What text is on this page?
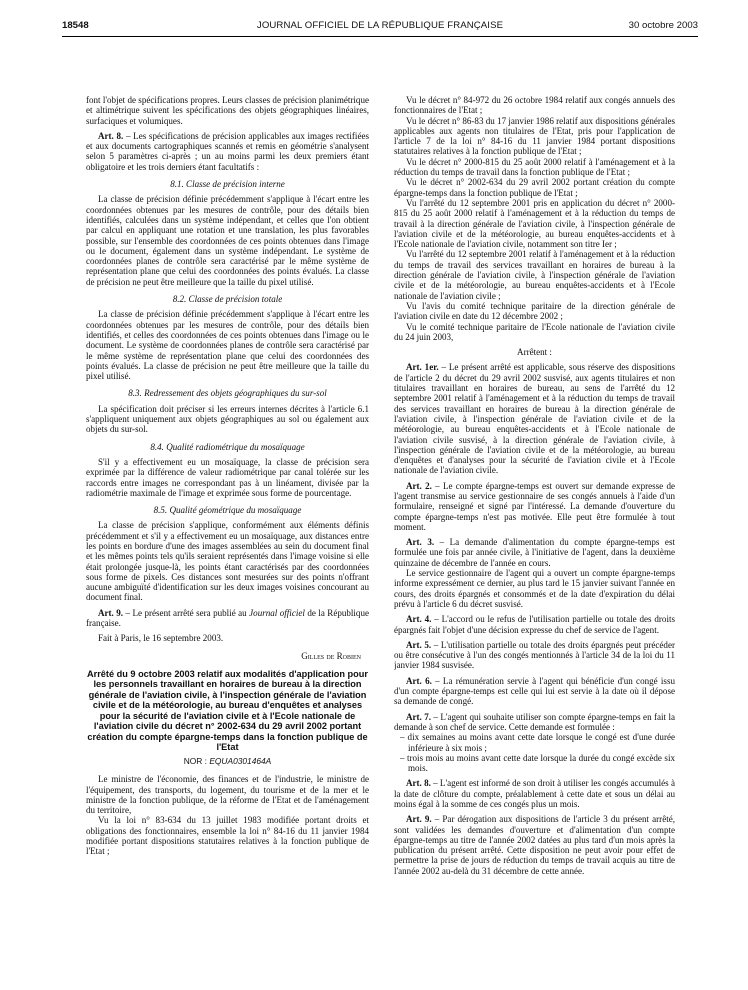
18548	JOURNAL OFFICIEL DE LA RÉPUBLIQUE FRANÇAISE	30 octobre 2003

font l'objet de spécifications propres. Leurs classes de précision planimétrique et altimétrique suivent les spécifications des objets géographiques linéaires, surfaciques et volumiques.

Art. 8. – Les spécifications de précision applicables aux images rectifiées et aux documents cartographiques scannés et remis en géométrie s'analysent selon 5 paramètres ci-après ; un au moins parmi les deux premiers étant obligatoire et les trois derniers étant facultatifs :

8.1. Classe de précision interne

La classe de précision définie précédemment s'applique à l'écart entre les coordonnées obtenues par les mesures de contrôle, pour des détails bien identifiés, calculées dans un système indépendant, et celles que l'on obtient par calcul en appliquant une rotation et une translation, les plus favorables possible, sur l'ensemble des coordonnées de ces points obtenues dans l'image ou le document, également dans un système indépendant. Le système de coordonnées planes de contrôle sera caractérisé par le même système de représentation plane que celui des coordonnées des points évalués. La classe de précision ne peut être meilleure que la taille du pixel utilisé.

8.2. Classe de précision totale

La classe de précision définie précédemment s'applique à l'écart entre les coordonnées obtenues par les mesures de contrôle, pour des détails bien identifiés, et celles des coordonnées de ces points obtenues dans l'image ou le document. Le système de coordonnées planes de contrôle sera caractérisé par le même système de représentation plane que celui des coordonnées des points évalués. La classe de précision ne peut être meilleure que la taille du pixel utilisé.

8.3. Redressement des objets géographiques du sur-sol

La spécification doit préciser si les erreurs internes décrites à l'article 6.1 s'appliquent uniquement aux objets géographiques au sol ou également aux objets du sur-sol.

8.4. Qualité radiométrique du mosaïquage

S'il y a effectivement eu un mosaïquage, la classe de précision sera exprimée par la différence de valeur radiométrique par canal tolérée sur les raccords entre images ne correspondant pas à un linéament, divisée par la radiométrie maximale de l'image et exprimée sous forme de pourcentage.

8.5. Qualité géométrique du mosaïquage

La classe de précision s'applique, conformément aux éléments définis précédemment et s'il y a effectivement eu un mosaïquage, aux distances entre les points en bordure d'une des images assemblées au sein du document final et les mêmes points tels qu'ils seraient représentés dans l'image voisine si elle était prolongée jusque-là, les points étant caractérisés par des coordonnées sous forme de pixels. Ces distances sont mesurées sur des points n'offrant aucune ambiguïté d'identification sur les deux images voisines concourant au document final.

Art. 9. – Le présent arrêté sera publié au Journal officiel de la République française.

Fait à Paris, le 16 septembre 2003.

Gilles de Robien
Arrêté du 9 octobre 2003 relatif aux modalités d'application pour les personnels travaillant en horaires de bureau à la direction générale de l'aviation civile, à l'inspection générale de l'aviation civile et de la météorologie, au bureau d'enquêtes et analyses pour la sécurité de l'aviation civile et à l'Ecole nationale de l'aviation civile du décret n° 2002-634 du 29 avril 2002 portant création du compte épargne-temps dans la fonction publique de l'Etat
NOR : EQUA0301464A

Le ministre de l'économie, des finances et de l'industrie, le ministre de l'équipement, des transports, du logement, du tourisme et de la mer et le ministre de la fonction publique, de la réforme de l'Etat et de l'aménagement du territoire,

Vu la loi n° 83-634 du 13 juillet 1983 modifiée portant droits et obligations des fonctionnaires, ensemble la loi n° 84-16 du 11 janvier 1984 modifiée portant dispositions statutaires relatives à la fonction publique de l'Etat ;

Vu le décret n° 84-972 du 26 octobre 1984 relatif aux congés annuels des fonctionnaires de l'Etat ;

Vu le décret n° 86-83 du 17 janvier 1986 relatif aux dispositions générales applicables aux agents non titulaires de l'Etat, pris pour l'application de l'article 7 de la loi n° 84-16 du 11 janvier 1984 portant dispositions statutaires relatives à la fonction publique de l'Etat ;

Vu le décret n° 2000-815 du 25 août 2000 relatif à l'aménagement et à la réduction du temps de travail dans la fonction publique de l'Etat ;

Vu le décret n° 2002-634 du 29 avril 2002 portant création du compte épargne-temps dans la fonction publique de l'Etat ;

Vu l'arrêté du 12 septembre 2001 pris en application du décret n° 2000-815 du 25 août 2000 relatif à l'aménagement et à la réduction du temps de travail à la direction générale de l'aviation civile, à l'inspection générale de l'aviation civile et de la météorologie, au bureau enquêtes-accidents et à l'Ecole nationale de l'aviation civile, notamment son titre Ier ;

Vu l'arrêté du 12 septembre 2001 relatif à l'aménagement et à la réduction du temps de travail des services travaillant en horaires de bureau à la direction générale de l'aviation civile, à l'inspection générale de l'aviation civile et de la météorologie, au bureau enquêtes-accidents et à l'Ecole nationale de l'aviation civile ;

Vu l'avis du comité technique paritaire de la direction générale de l'aviation civile en date du 12 décembre 2002 ;

Vu le comité technique paritaire de l'Ecole nationale de l'aviation civile du 24 juin 2003,

Arrêtent :

Art. 1er. – Le présent arrêté est applicable, sous réserve des dispositions de l'article 2 du décret du 29 avril 2002 susvisé, aux agents titulaires et non titulaires travaillant en horaires de bureau, au sens de l'arrêté du 12 septembre 2001 relatif à l'aménagement et à la réduction du temps de travail des services travaillant en horaires de bureau à la direction générale de l'aviation civile, à l'inspection générale de l'aviation civile et de la météorologie, au bureau enquêtes-accidents et à l'Ecole nationale de l'aviation civile susvisé, à la direction générale de l'aviation civile, à l'inspection générale de l'aviation civile et de la météorologie, au bureau d'enquêtes et d'analyses pour la sécurité de l'aviation civile et à l'Ecole nationale de l'aviation civile.

Art. 2. – Le compte épargne-temps est ouvert sur demande expresse de l'agent transmise au service gestionnaire de ses congés annuels à l'aide d'un formulaire, renseigné et signé par l'intéressé. La demande d'ouverture du compte épargne-temps n'est pas motivée. Elle peut être formulée à tout moment.

Art. 3. – La demande d'alimentation du compte épargne-temps est formulée une fois par année civile, à l'initiative de l'agent, dans la deuxième quinzaine de décembre de l'année en cours.

Le service gestionnaire de l'agent qui a ouvert un compte épargne-temps informe expressément ce dernier, au plus tard le 15 janvier suivant l'année en cours, des droits épargnés et consommés et de la date d'expiration du délai prévu à l'article 6 du décret susvisé.

Art. 4. – L'accord ou le refus de l'utilisation partielle ou totale des droits épargnés fait l'objet d'une décision expresse du chef de service de l'agent.

Art. 5. – L'utilisation partielle ou totale des droits épargnés peut précéder ou être consécutive à l'un des congés mentionnés à l'article 34 de la loi du 11 janvier 1984 susvisée.

Art. 6. – La rémunération servie à l'agent qui bénéficie d'un congé issu d'un compte épargne-temps est celle qui lui est servie à la date où il dépose sa demande de congé.

Art. 7. – L'agent qui souhaite utiliser son compte épargne-temps en fait la demande à son chef de service. Cette demande est formulée :

– dix semaines au moins avant cette date lorsque le congé est d'une durée inférieure à six mois ;

– trois mois au moins avant cette date lorsque la durée du congé excède six mois.

Art. 8. – L'agent est informé de son droit à utiliser les congés accumulés à la date de clôture du compte, préalablement à cette date et sous un délai au moins égal à la somme de ces congés plus un mois.

Art. 9. – Par dérogation aux dispositions de l'article 3 du présent arrêté, sont validées les demandes d'ouverture et d'alimentation d'un compte épargne-temps au titre de l'année 2002 datées au plus tard d'un mois après la publication du présent arrêté. Cette disposition ne peut avoir pour effet de permettre la prise de jours de réduction du temps de travail acquis au titre de l'année 2002 au-delà du 31 décembre de cette année.
